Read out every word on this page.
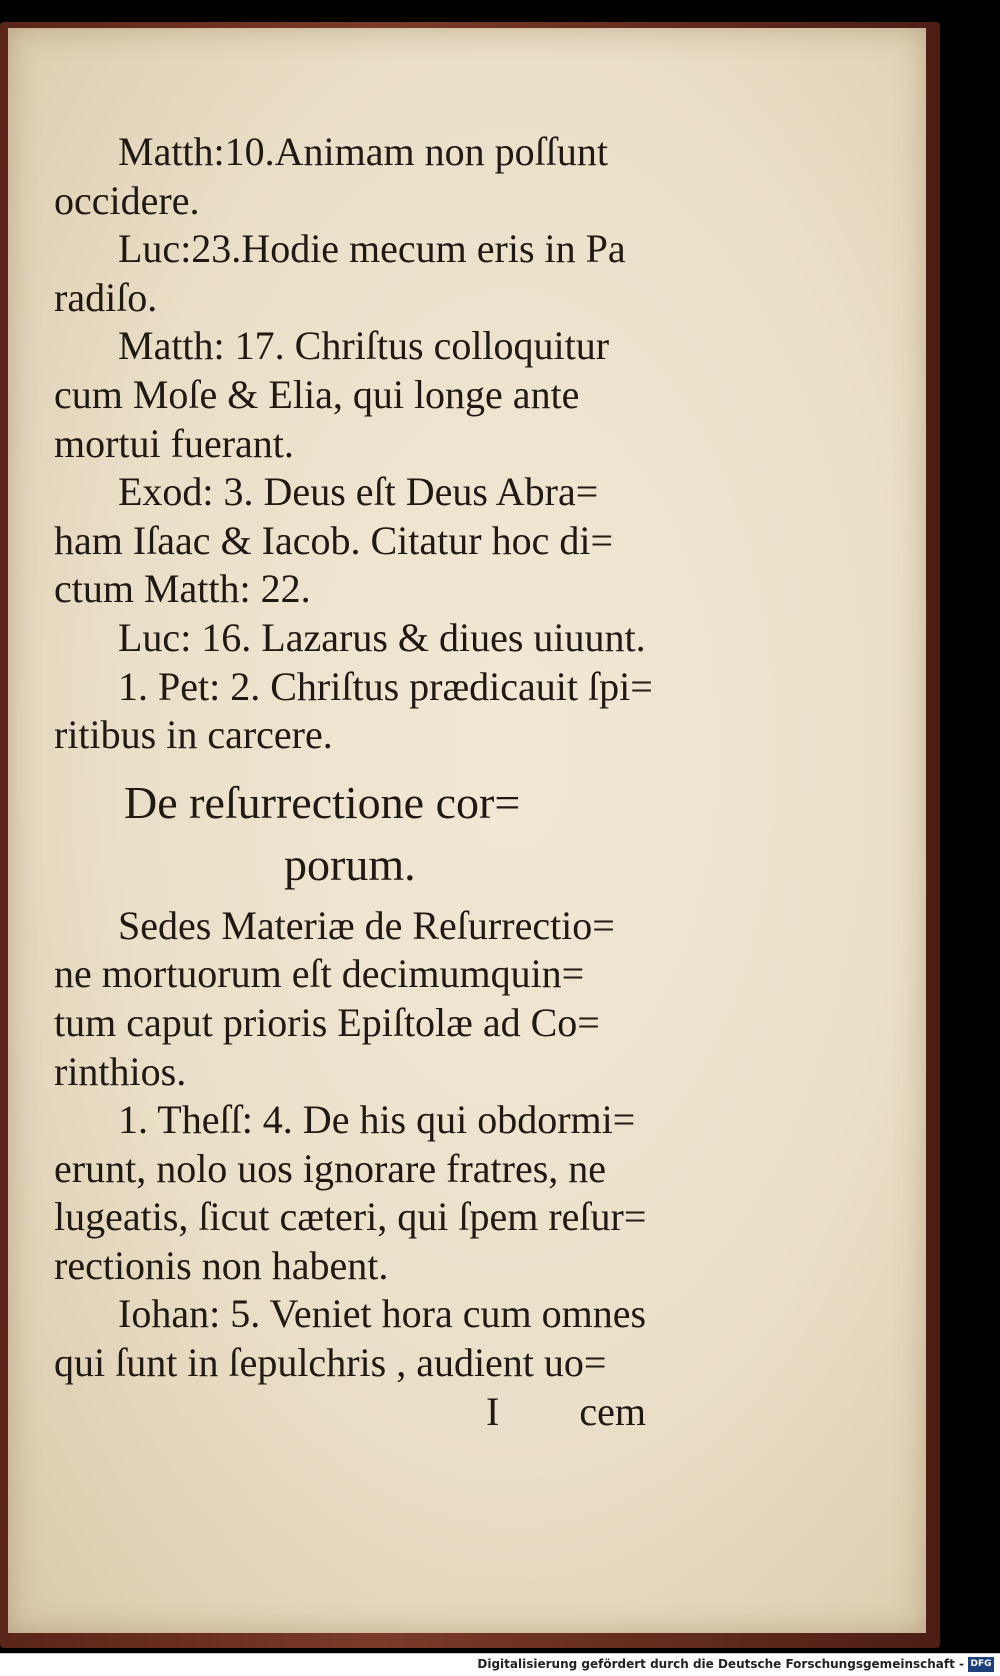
Matth:10.Animam non poſſunt
occidere.
Luc:23.Hodie mecum eris in Pa
radiſo.
Matth: 17. Chriſtus colloquitur
cum Moſe & Elia, qui longe ante
mortui fuerant.
Exod: 3. Deus eſt Deus Abra=
ham Iſaac & Iacob. Citatur hoc di=
ctum Matth: 22.
Luc: 16. Lazarus & diues uiuunt.
1. Pet: 2. Chriſtus prædicauit ſpi=
ritibus in carcere.
De reſurrectione cor=
porum.
Sedes Materiæ de Reſurrectio=
ne mortuorum eſt decimumquin=
tum caput prioris Epiſtolæ ad Co=
rinthios.
1. Theſſ: 4. De his qui obdormi=
erunt, nolo uos ignorare fratres, ne
lugeatis, ſicut cæteri, qui ſpem reſur=
rectionis non habent.
Iohan: 5. Veniet hora cum omnes
qui ſunt in ſepulchris , audient uo=
I        cem
Digitalisierung gefördert durch die Deutsche Forschungsgemeinschaft - DFG
